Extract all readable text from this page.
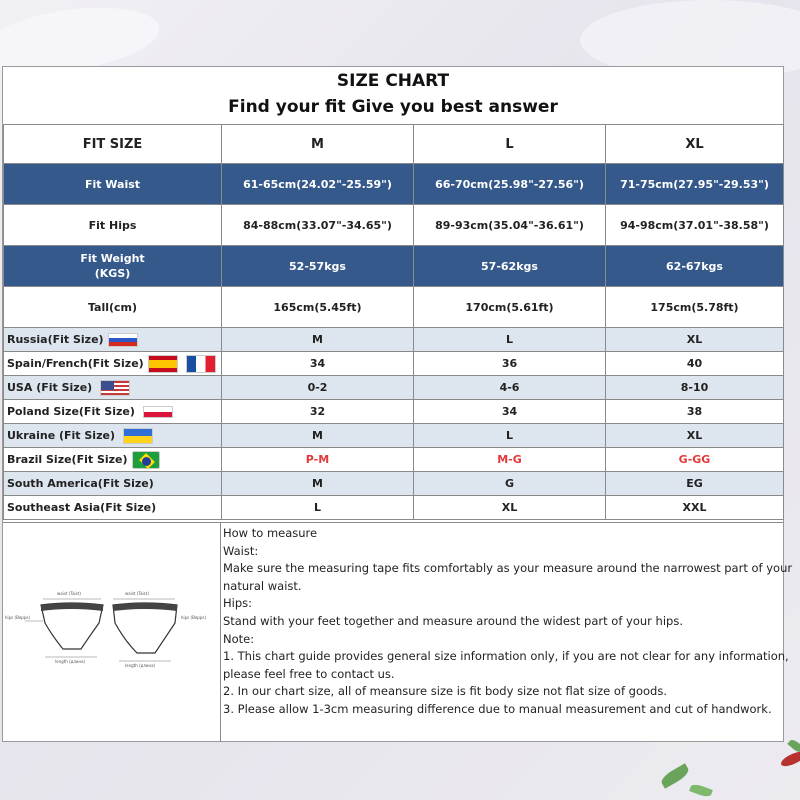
SIZE CHART
Find your fit Give you best answer
FIT SIZE	M	L	XL
Fit Waist	61-65cm(24.02"-25.59")	66-70cm(25.98"-27.56")	71-75cm(27.95"-29.53")
Fit Hips	84-88cm(33.07"-34.65")	89-93cm(35.04"-36.61")	94-98cm(37.01"-38.58")

Fit Weight
(KGS)	52-57kgs	57-62kgs	62-67kgs
Tall(cm)	165cm(5.45ft)	170cm(5.61ft)	175cm(5.78ft)
Russia(Fit Size)	M	L	XL
Spain/French(Fit Size)	34	36	40
USA (Fit Size)	0-2	4-6	8-10
Poland Size(Fit Size)	32	34	38
Ukraine (Fit Size)	M	L	XL
Brazil Size(Fit Size)	P-M	M-G	G-GG
South America(Fit Size)	M	G	EG
Southeast Asia(Fit Size)	L	XL	XXL
waist (Taist)
hips (Bepps)
length (длина)
waist (Taist)
hips (Bepps)
length (длина)
How to measure
Waist:
Make sure the measuring tape fits comfortably as your measure around the narrowest part of your
natural waist.
Hips:
Stand with your feet together and measure around the widest part of your hips.
Note:
1. This chart guide provides general size information only, if you are not clear for any information,
please feel free to contact us.
2. In our chart size, all of meansure size is fit body size not flat size of goods.
3. Please allow 1-3cm measuring difference due to manual measurement and cut of handwork.
